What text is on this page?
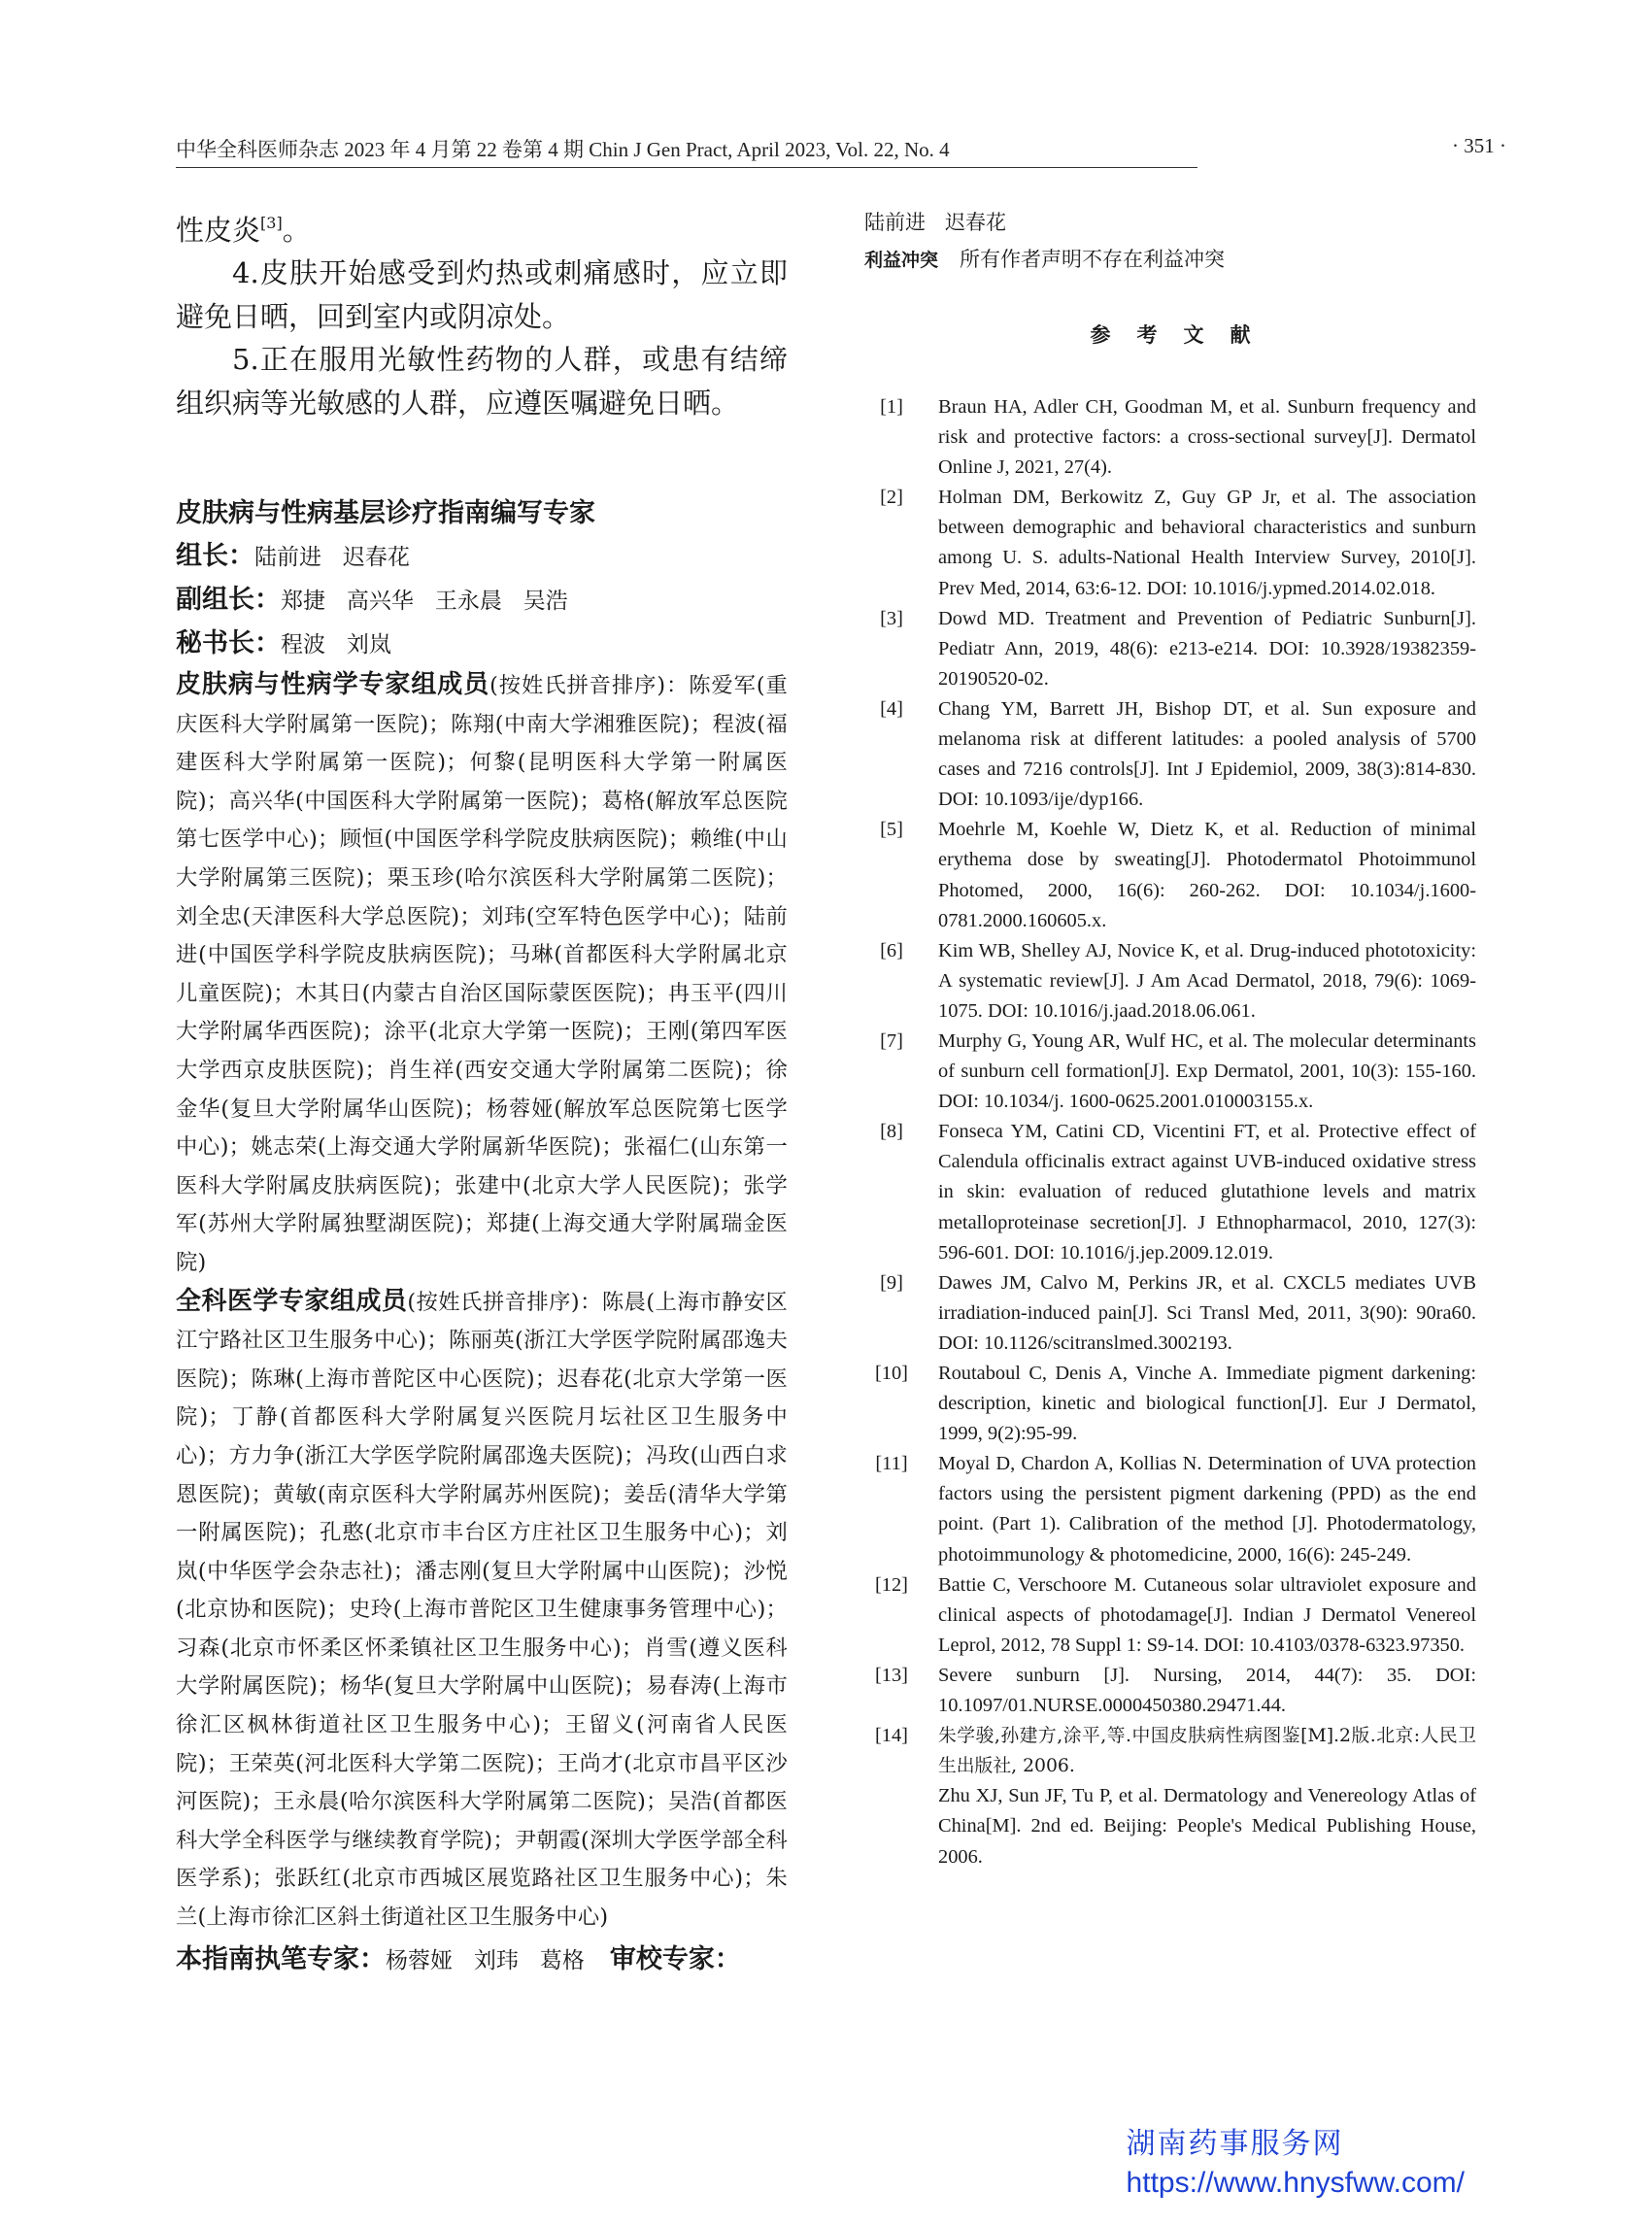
中华全科医师杂志 2023 年 4 月第 22 卷第 4 期 Chin J Gen Pract, April 2023, Vol. 22, No. 4	· 351 ·

性皮炎[3]。

4.皮肤开始感受到灼热或刺痛感时，应立即避免日晒，回到室内或阴凉处。

5.正在服用光敏性药物的人群，或患有结缔组织病等光敏感的人群，应遵医嘱避免日晒。

皮肤病与性病基层诊疗指南编写专家

组长：陆前进   迟春花

副组长：郑捷   高兴华   王永晨   吴浩

秘书长：程波   刘岚

皮肤病与性病学专家组成员(按姓氏拼音排序)：陈爱军(重庆医科大学附属第一医院)；陈翔(中南大学湘雅医院)；程波(福建医科大学附属第一医院)；何黎(昆明医科大学第一附属医院)；高兴华(中国医科大学附属第一医院)；葛格(解放军总医院第七医学中心)；顾恒(中国医学科学院皮肤病医院)；赖维(中山大学附属第三医院)；栗玉珍(哈尔滨医科大学附属第二医院)；刘全忠(天津医科大学总医院)；刘玮(空军特色医学中心)；陆前进(中国医学科学院皮肤病医院)；马琳(首都医科大学附属北京儿童医院)；木其日(内蒙古自治区国际蒙医医院)；冉玉平(四川大学附属华西医院)；涂平(北京大学第一医院)；王刚(第四军医大学西京皮肤医院)；肖生祥(西安交通大学附属第二医院)；徐金华(复旦大学附属华山医院)；杨蓉娅(解放军总医院第七医学中心)；姚志荣(上海交通大学附属新华医院)；张福仁(山东第一医科大学附属皮肤病医院)；张建中(北京大学人民医院)；张学军(苏州大学附属独墅湖医院)；郑捷(上海交通大学附属瑞金医院)

全科医学专家组成员(按姓氏拼音排序)：陈晨(上海市静安区江宁路社区卫生服务中心)；陈丽英(浙江大学医学院附属邵逸夫医院)；陈琳(上海市普陀区中心医院)；迟春花(北京大学第一医院)；丁静(首都医科大学附属复兴医院月坛社区卫生服务中心)；方力争(浙江大学医学院附属邵逸夫医院)；冯玫(山西白求恩医院)；黄敏(南京医科大学附属苏州医院)；姜岳(清华大学第一附属医院)；孔憨(北京市丰台区方庄社区卫生服务中心)；刘岚(中华医学会杂志社)；潘志刚(复旦大学附属中山医院)；沙悦(北京协和医院)；史玲(上海市普陀区卫生健康事务管理中心)；习森(北京市怀柔区怀柔镇社区卫生服务中心)；肖雪(遵义医科大学附属医院)；杨华(复旦大学附属中山医院)；易春涛(上海市徐汇区枫林街道社区卫生服务中心)；王留义(河南省人民医院)；王荣英(河北医科大学第二医院)；王尚才(北京市昌平区沙河医院)；王永晨(哈尔滨医科大学附属第二医院)；吴浩(首都医科大学全科医学与继续教育学院)；尹朝霞(深圳大学医学部全科医学系)；张跃红(北京市西城区展览路社区卫生服务中心)；朱兰(上海市徐汇区斜土街道社区卫生服务中心)

本指南执笔专家：杨蓉娅   刘玮   葛格 审校专家：

陆前进   迟春花

利益冲突 所有作者声明不存在利益冲突

参考文献

[1]	Braun HA, Adler CH, Goodman M, et al. Sunburn frequency and risk and protective factors: a cross-sectional survey[J]. Dermatol Online J, 2021, 27(4).

[2]	Holman DM, Berkowitz Z, Guy GP Jr, et al. The association between demographic and behavioral characteristics and sunburn among U. S. adults-National Health Interview Survey, 2010[J]. Prev Med, 2014, 63:6-12. DOI: 10.1016/j.ypmed.2014.02.018.

[3]	Dowd MD. Treatment and Prevention of Pediatric Sunburn[J]. Pediatr Ann, 2019, 48(6): e213-e214. DOI: 10.3928/19382359-20190520-02.

[4]	Chang YM, Barrett JH, Bishop DT, et al. Sun exposure and melanoma risk at different latitudes: a pooled analysis of 5700 cases and 7216 controls[J]. Int J Epidemiol, 2009, 38(3):814-830. DOI: 10.1093/ije/dyp166.

[5]	Moehrle M, Koehle W, Dietz K, et al. Reduction of minimal erythema dose by sweating[J]. Photodermatol Photoimmunol Photomed, 2000, 16(6): 260-262. DOI: 10.1034/j.1600-0781.2000.160605.x.

[6]	Kim WB, Shelley AJ, Novice K, et al. Drug-induced phototoxicity: A systematic review[J]. J Am Acad Dermatol, 2018, 79(6): 1069-1075. DOI: 10.1016/j.jaad.2018.06.061.

[7]	Murphy G, Young AR, Wulf HC, et al. The molecular determinants of sunburn cell formation[J]. Exp Dermatol, 2001, 10(3): 155-160. DOI: 10.1034/j. 1600-0625.2001.010003155.x.

[8]	Fonseca YM, Catini CD, Vicentini FT, et al. Protective effect of Calendula officinalis extract against UVB-induced oxidative stress in skin: evaluation of reduced glutathione levels and matrix metalloproteinase secretion[J]. J Ethnopharmacol, 2010, 127(3): 596-601. DOI: 10.1016/j.jep.2009.12.019.

[9]	Dawes JM, Calvo M, Perkins JR, et al. CXCL5 mediates UVB irradiation-induced pain[J]. Sci Transl Med, 2011, 3(90): 90ra60. DOI: 10.1126/scitranslmed.3002193.

[10]	Routaboul C, Denis A, Vinche A. Immediate pigment darkening: description, kinetic and biological function[J]. Eur J Dermatol, 1999, 9(2):95-99.

[11]	Moyal D, Chardon A, Kollias N. Determination of UVA protection factors using the persistent pigment darkening (PPD) as the end point. (Part 1). Calibration of the method [J]. Photodermatology, photoimmunology & photomedicine, 2000, 16(6): 245-249.

[12]	Battie C, Verschoore M. Cutaneous solar ultraviolet exposure and clinical aspects of photodamage[J]. Indian J Dermatol Venereol Leprol, 2012, 78 Suppl 1: S9-14. DOI: 10.4103/0378-6323.97350.

[13]	Severe sunburn [J]. Nursing, 2014, 44(7): 35. DOI: 10.1097/01.NURSE.0000450380.29471.44.

[14]	朱学骏,孙建方,涂平,等.中国皮肤病性病图鉴[M].2版.北京:人民卫生出版社, 2006.
Zhu XJ, Sun JF, Tu P, et al. Dermatology and Venereology Atlas of China[M]. 2nd ed. Beijing: People's Medical Publishing House, 2006.

湖南药事服务网
https://www.hnysfww.com/
